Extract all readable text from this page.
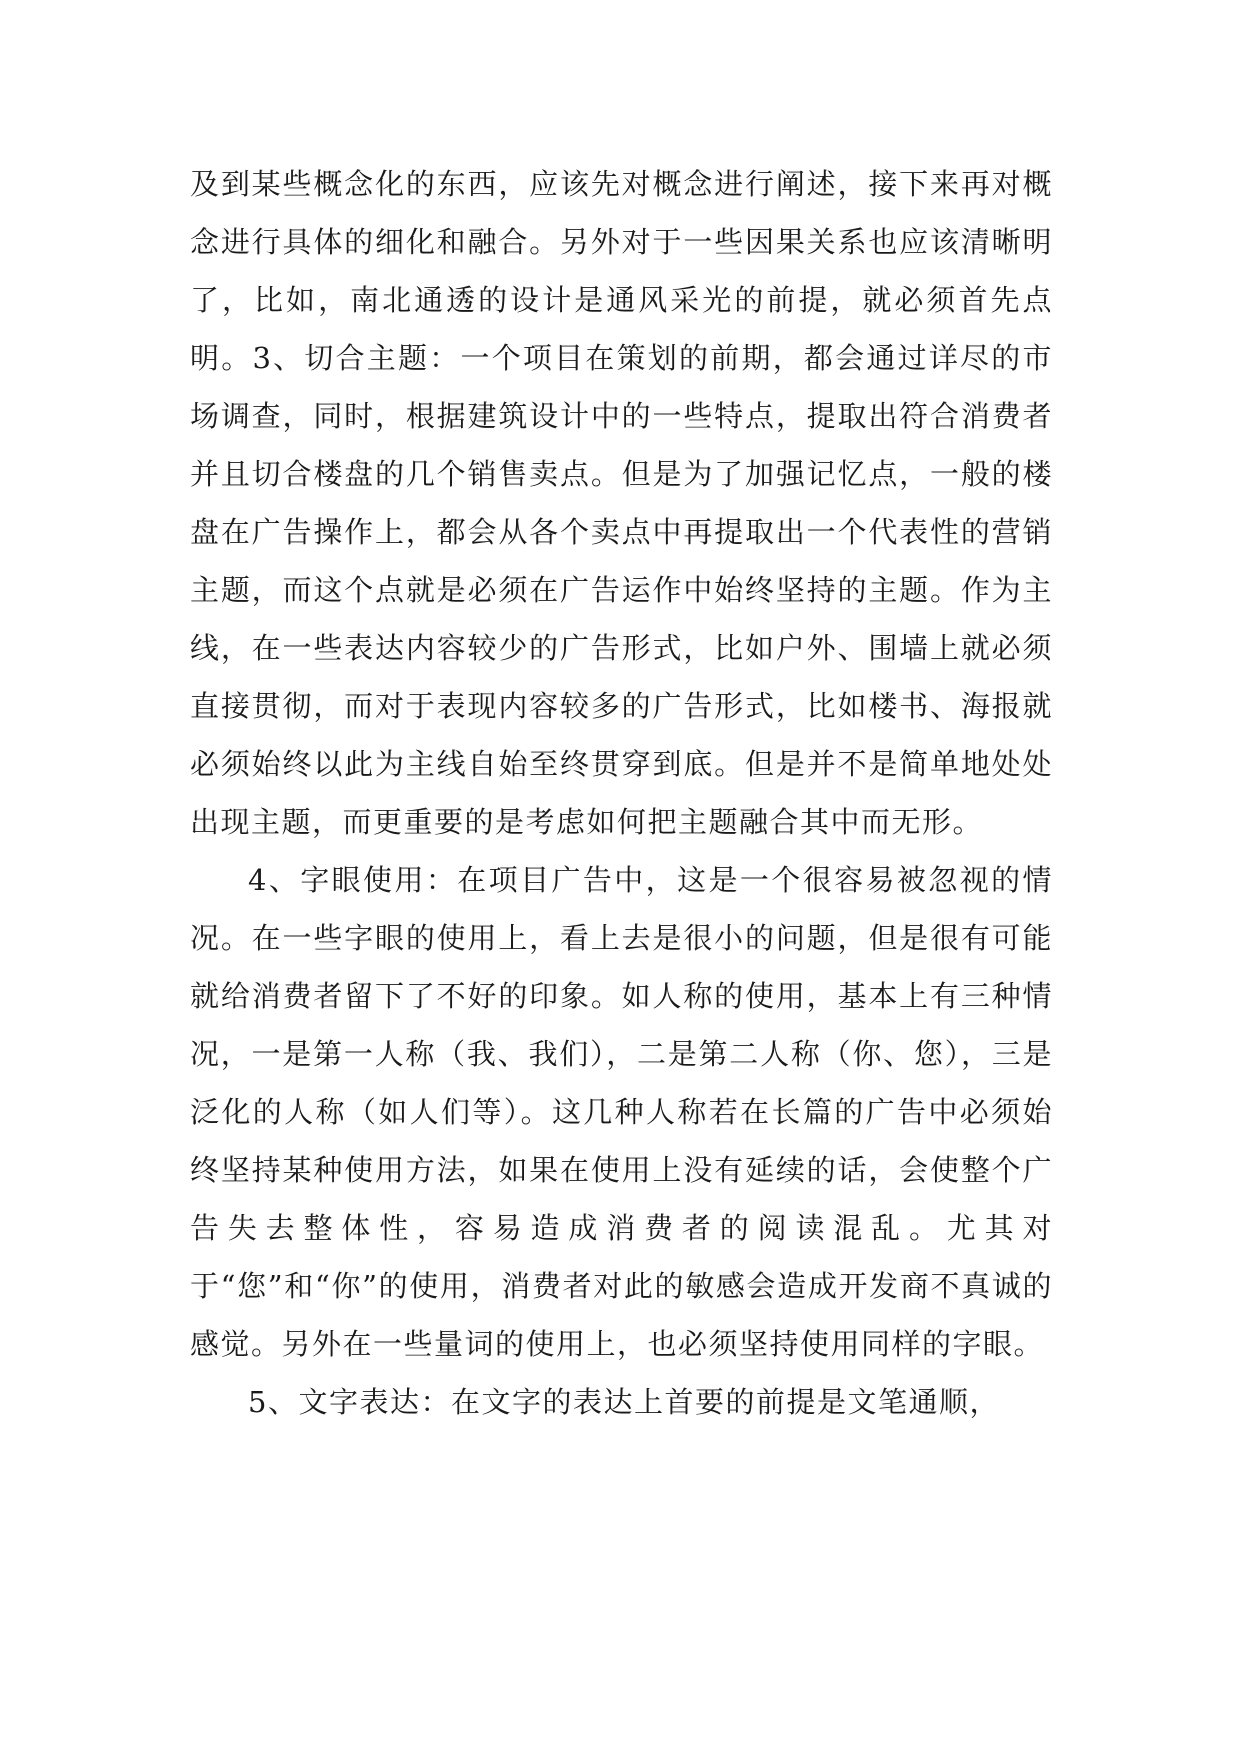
及到某些概念化的东西，应该先对概念进行阐述，接下来再对概念进行具体的细化和融合。另外对于一些因果关系也应该清晰明了，比如，南北通透的设计是通风采光的前提，就必须首先点明。3、切合主题：一个项目在策划的前期，都会通过详尽的市场调查，同时，根据建筑设计中的一些特点，提取出符合消费者并且切合楼盘的几个销售卖点。但是为了加强记忆点，一般的楼盘在广告操作上，都会从各个卖点中再提取出一个代表性的营销主题，而这个点就是必须在广告运作中始终坚持的主题。作为主线，在一些表达内容较少的广告形式，比如户外、围墙上就必须直接贯彻，而对于表现内容较多的广告形式，比如楼书、海报就必须始终以此为主线自始至终贯穿到底。但是并不是简单地处处出现主题，而更重要的是考虑如何把主题融合其中而无形。

4、字眼使用：在项目广告中，这是一个很容易被忽视的情况。在一些字眼的使用上，看上去是很小的问题，但是很有可能就给消费者留下了不好的印象。如人称的使用，基本上有三种情况，一是第一人称（我、我们），二是第二人称（你、您），三是泛化的人称（如人们等）。这几种人称若在长篇的广告中必须始终坚持某种使用方法，如果在使用上没有延续的话，会使整个广告失去整体性，容易造成消费者的阅读混乱。尤其对于“您”和“你”的使用，消费者对此的敏感会造成开发商不真诚的感觉。另外在一些量词的使用上，也必须坚持使用同样的字眼。

5、文字表达：在文字的表达上首要的前提是文笔通顺，
